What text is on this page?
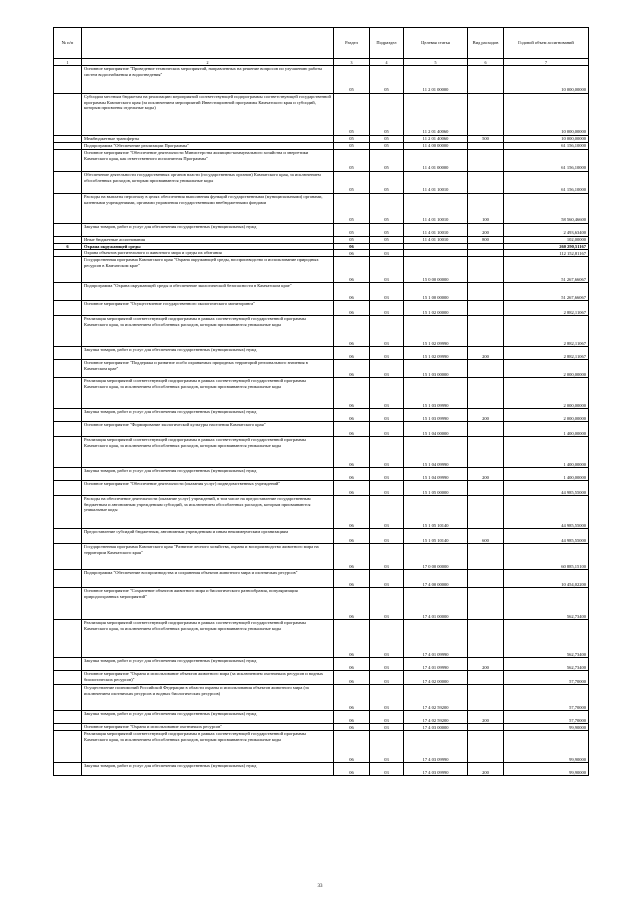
№ п/п		Раздел	Подраздел	Целевая статья	Вид расходов	Годовой объем ассигнований
1	2	3	4	5	6	7
	Основное мероприятие "Проведение технических мероприятий, направленных на решение вопросов по улучшению работы систем водоснабжения и водоотведения"	05	05	11 2 01 00000		10 000,00000
	Субсидии местным бюджетам на реализацию мероприятий соответствующей подпрограммы соответствующей государственной программы Камчатского края (за исключением мероприятий Инвестиционной программы Камчатского края и субсидий, которым присвоены отдельные коды)	05	05	11 2 01 40060		10 000,00000
	Межбюджетные трансферты	05	05	11 2 01 40060	500	10 000,00000
	Подпрограмма "Обеспечение реализации Программы"	05	05	11 4 00 00000		61 156,10000
	Основное мероприятие "Обеспечение деятельности Министерства жилищно-коммунального хозяйства и энергетики Камчатского края, как ответственного исполнителя Программы"	05	05	11 4 01 00000		61 156,10000
	Обеспечение деятельности государственных органов власти (государственных органов) Камчатского края, за исключением обособленных расходов, которым присваиваются уникальные коды	05	05	11 4 01 10010		61 156,10000
	Расходы на выплаты персоналу в целях обеспечения выполнения функций государственными (муниципальными) органами, казенными учреждениями, органами управления государственными внебюджетными фондами	05	05	11 4 01 10010	100	58 560,46600
	Закупка товаров, работ и услуг для обеспечения государственных (муниципальных) нужд	05	05	11 4 01 10010	200	2 493,63400
	Иные бюджетные ассигнования	05	05	11 4 01 10010	800	102,00000
6	Охрана окружающей среды	06				260 290,51167
	Охрана объектов растительного и животного мира и среды их обитания	06	03			112 152,81167
	Государственная программа Камчатского края "Охрана окружающей среды, воспроизводство и использование природных ресурсов в Камчатском крае"	06	03	15 0 00 00000		51 267,66067
	Подпрограмма "Охрана окружающей среды и обеспечение экологической безопасности в Камчатском крае"	06	03	15 1 00 00000		51 267,66067
	Основное мероприятие "Осуществление государственного экологического мониторинга"	06	03	15 1 02 00000		2 882,11067
	Реализация мероприятий соответствующей подпрограммы в рамках соответствующей государственной программы Камчатского края, за исключением обособленных расходов, которым присваиваются уникальные коды	06	03	15 1 02 09990		2 882,11067
	Закупка товаров, работ и услуг для обеспечения государственных (муниципальных) нужд	06	03	15 1 02 09990	200	2 882,11067
	Основное мероприятие "Поддержка и развитие особо охраняемых природных территорий регионального значения в Камчатском крае"	06	03	15 1 03 00000		2 000,00000
	Реализация мероприятий соответствующей подпрограммы в рамках соответствующей государственной программы Камчатского края, за исключением обособленных расходов, которым присваиваются уникальные коды	06	03	15 1 03 09990		2 000,00000
	Закупка товаров, работ и услуг для обеспечения государственных (муниципальных) нужд	06	03	15 1 03 09990	200	2 000,00000
	Основное мероприятие "Формирование экологической культуры населения Камчатского края"	06	03	15 1 04 00000		1 400,00000
	Реализация мероприятий соответствующей подпрограммы в рамках соответствующей государственной программы Камчатского края, за исключением обособленных расходов, которым присваиваются уникальные коды	06	03	15 1 04 09990		1 400,00000
	Закупка товаров, работ и услуг для обеспечения государственных (муниципальных) нужд	06	03	15 1 04 09990	200	1 400,00000
	Основное мероприятие "Обеспечение деятельности (оказания услуг) подведомственных учреждений"	06	03	15 1 05 00000		44 985,55000
	Расходы на обеспечение деятельности (оказание услуг) учреждений, в том числе на предоставление государственным бюджетным и автономным учреждениям субсидий, за исключением обособленных расходов, которым присваиваются уникальные коды	06	03	15 1 05 10140		44 985,55000
	Предоставление субсидий бюджетным, автономным учреждениям и иным некоммерческим организациям	06	03	15 1 05 10140	600	44 985,55000
	Государственная программа Камчатского края "Развитие лесного хозяйства, охрана и воспроизводство животного мира на территории Камчатского края"	06	03	17 0 00 00000		60 885,15100
	Подпрограмма "Обеспечение воспроизводства и сохранения объектов животного мира и охотничьих ресурсов"	06	03	17 4 00 00000		10 454,02200
	Основное мероприятие "Сохранение объектов животного мира и биологического разнообразия, популяризация природоохранных мероприятий"	06	03	17 4 01 00000		562,73400
	Реализация мероприятий соответствующей подпрограммы в рамках соответствующей государственной программы Камчатского края, за исключением обособленных расходов, которым присваиваются уникальные коды	06	03	17 4 01 09990		562,73400
	Закупка товаров, работ и услуг для обеспечения государственных (муниципальных) нужд	06	03	17 4 01 09990	200	562,73400
	Основное мероприятие "Охрана и использование объектов животного мира (за исключением охотничьих ресурсов и водных биологических ресурсов)"	06	03	17 4 02 00000		57,70000
	Осуществление полномочий Российской Федерации в области охраны и использования объектов животного мира (за исключением охотничьих ресурсов и водных биологических ресурсов)	06	03	17 4 02 59200		57,70000
	Закупка товаров, работ и услуг для обеспечения государственных (муниципальных) нужд	06	03	17 4 02 59200	200	57,70000
	Основное мероприятие "Охрана и использование охотничьих ресурсов"	06	03	17 4 03 00000		99,90000
	Реализация мероприятий соответствующей подпрограммы в рамках соответствующей государственной программы Камчатского края, за исключением обособленных расходов, которым присваиваются уникальные коды	06	03	17 4 03 09990		99,90000
	Закупка товаров, работ и услуг для обеспечения государственных (муниципальных) нужд	06	03	17 4 03 09990	200	99,90000
33
